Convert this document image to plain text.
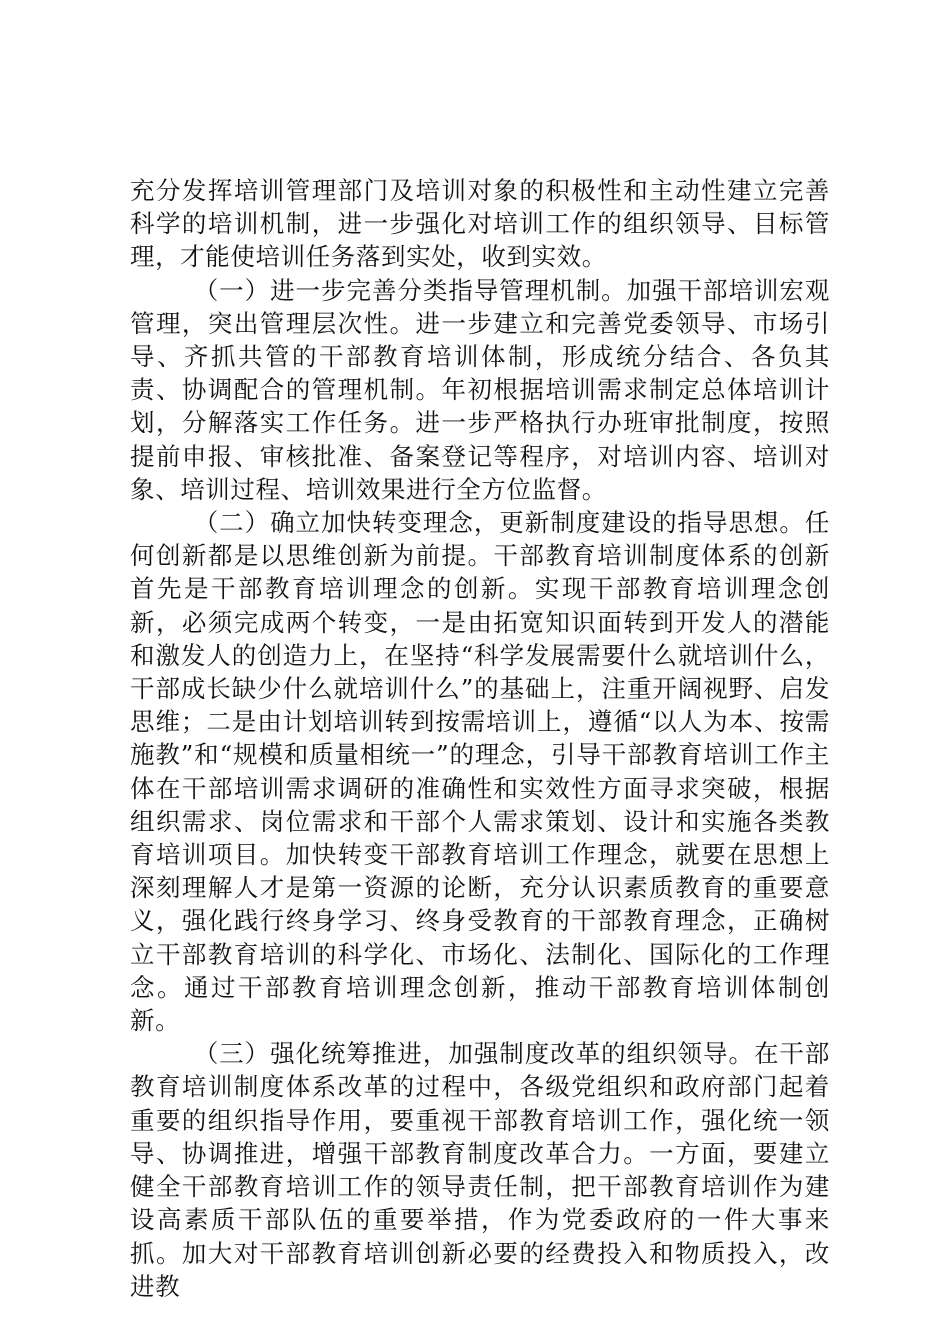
充分发挥培训管理部门及培训对象的积极性和主动性建立完善科学的培训机制，进一步强化对培训工作的组织领导、目标管理，才能使培训任务落到实处，收到实效。

（一）进一步完善分类指导管理机制。加强干部培训宏观管理，突出管理层次性。进一步建立和完善党委领导、市场引导、齐抓共管的干部教育培训体制，形成统分结合、各负其责、协调配合的管理机制。年初根据培训需求制定总体培训计划，分解落实工作任务。进一步严格执行办班审批制度，按照提前申报、审核批准、备案登记等程序，对培训内容、培训对象、培训过程、培训效果进行全方位监督。

（二）确立加快转变理念，更新制度建设的指导思想。任何创新都是以思维创新为前提。干部教育培训制度体系的创新首先是干部教育培训理念的创新。实现干部教育培训理念创新，必须完成两个转变，一是由拓宽知识面转到开发人的潜能和激发人的创造力上，在坚持“科学发展需要什么就培训什么，干部成长缺少什么就培训什么”的基础上，注重开阔视野、启发思维；二是由计划培训转到按需培训上，遵循“以人为本、按需施教”和“规模和质量相统一”的理念，引导干部教育培训工作主体在干部培训需求调研的准确性和实效性方面寻求突破，根据组织需求、岗位需求和干部个人需求策划、设计和实施各类教育培训项目。加快转变干部教育培训工作理念，就要在思想上深刻理解人才是第一资源的论断，充分认识素质教育的重要意义，强化践行终身学习、终身受教育的干部教育理念，正确树立干部教育培训的科学化、市场化、法制化、国际化的工作理念。通过干部教育培训理念创新，推动干部教育培训体制创新。

（三）强化统筹推进，加强制度改革的组织领导。在干部教育培训制度体系改革的过程中，各级党组织和政府部门起着重要的组织指导作用，要重视干部教育培训工作，强化统一领导、协调推进，增强干部教育制度改革合力。一方面，要建立健全干部教育培训工作的领导责任制，把干部教育培训作为建设高素质干部队伍的重要举措，作为党委政府的一件大事来抓。加大对干部教育培训创新必要的经费投入和物质投入，改进教
